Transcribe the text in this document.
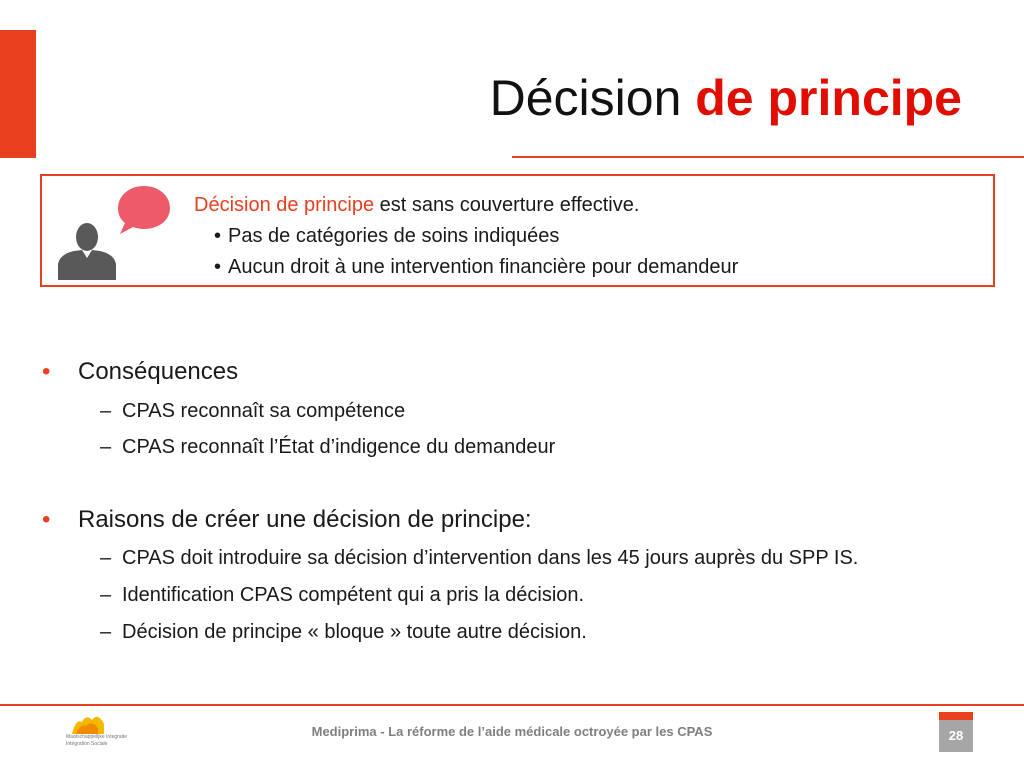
Décision de principe
Décision de principe est sans couverture effective.
• Pas de catégories de soins indiquées
• Aucun droit à une intervention financière pour demandeur
• Conséquences
– CPAS reconnaît sa compétence
– CPAS reconnaît l’État d’indigence du demandeur
• Raisons de créer une décision de principe:
– CPAS doit introduire sa décision d’intervention dans les 45 jours auprès du SPP IS.
– Identification CPAS compétent qui a pris la décision.
– Décision de principe « bloque » toute autre décision.
Maatschappelijke Integratie
Intégration Sociale
Mediprima - La réforme de l’aide médicale octroyée par les CPAS	28
